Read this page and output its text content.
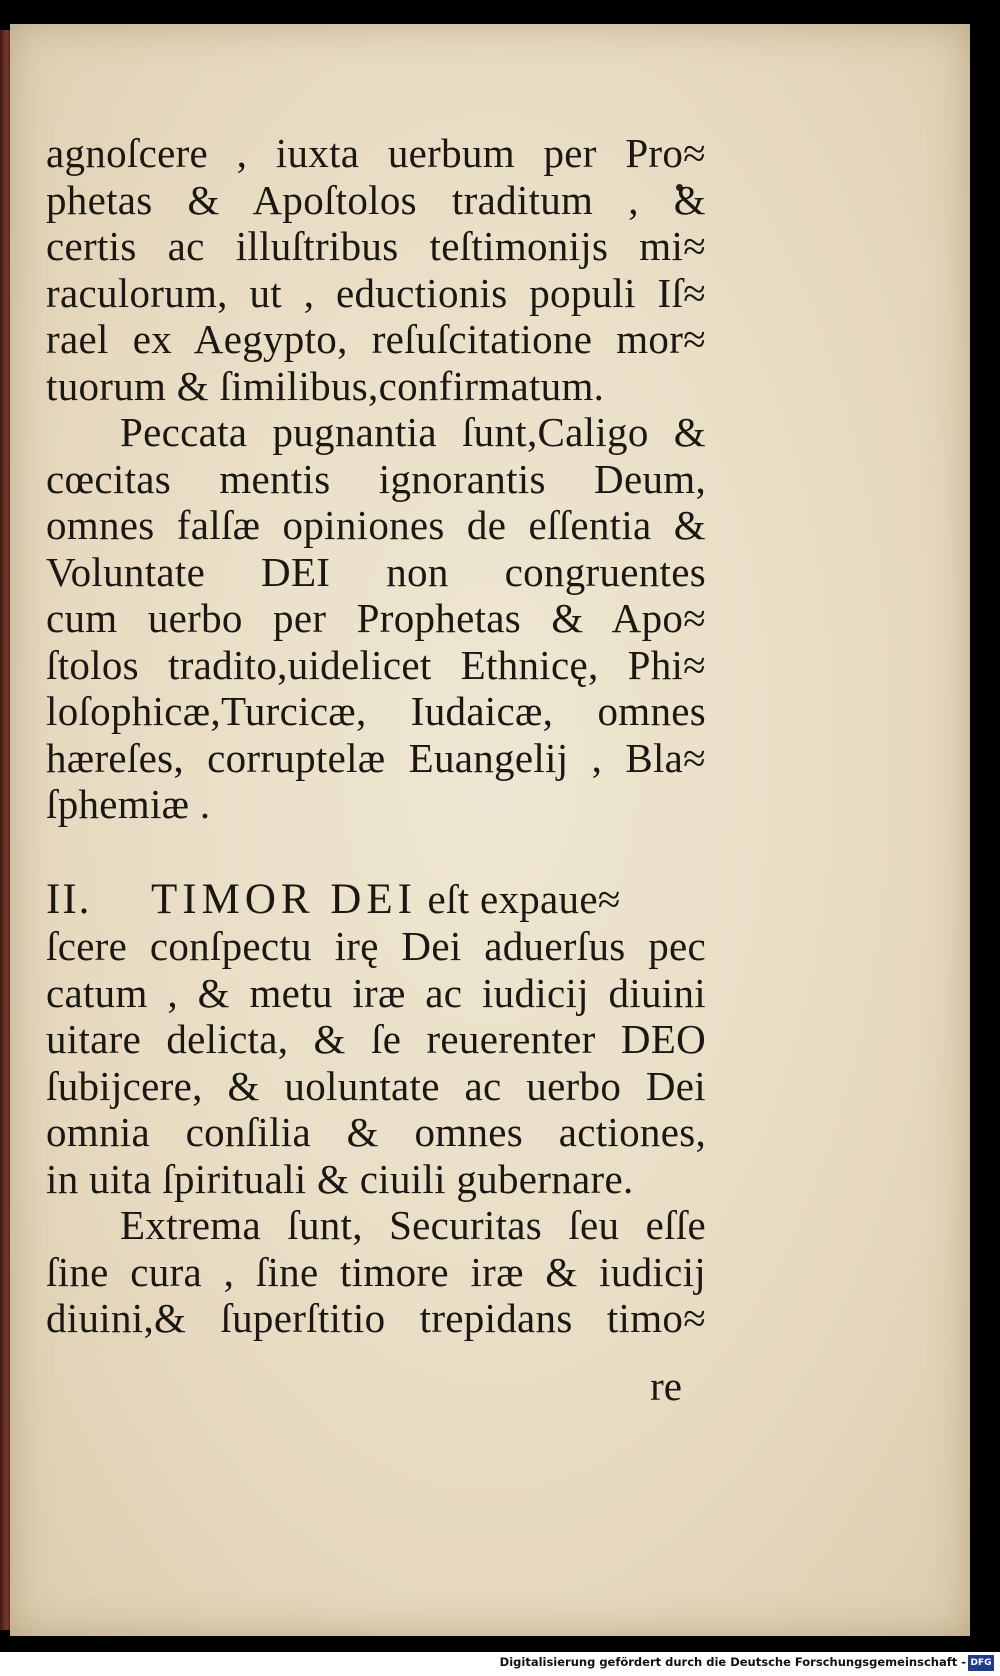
agnoſcere , iuxta uerbum per Pro≈
phetas & Apoſtolos traditum , &
certis ac illuſtribus teſtimonijs mi≈
raculorum, ut , eductionis populi Iſ≈
rael ex Aegypto, reſuſcitatione mor≈
tuorum & ſimilibus,confirmatum.
Peccata pugnantia ſunt,Caligo &
cœcitas mentis ignorantis Deum,
omnes falſæ opiniones de eſſentia &
Voluntate DEI non congruentes
cum uerbo per Prophetas & Apo≈
ſtolos tradito,uidelicet Ethnicę, Phi≈
loſophicæ,Turcicæ, Iudaicæ, omnes
hæreſes, corruptelæ Euangelij , Bla≈
ſphemiæ .
II. TIMOR DEI eſt expaue≈
ſcere conſpectu irę Dei aduerſus pec
catum , & metu iræ ac iudicij diuini
uitare delicta, & ſe reuerenter DEO
ſubijcere, & uoluntate ac uerbo Dei
omnia conſilia & omnes actiones,
in uita ſpirituali & ciuili gubernare.
Extrema ſunt, Securitas ſeu eſſe
ſine cura , ſine timore iræ & iudicij
diuini,& ſuperſtitio trepidans timo≈
re
Digitalisierung gefördert durch die Deutsche Forschungsgemeinschaft - DFG
